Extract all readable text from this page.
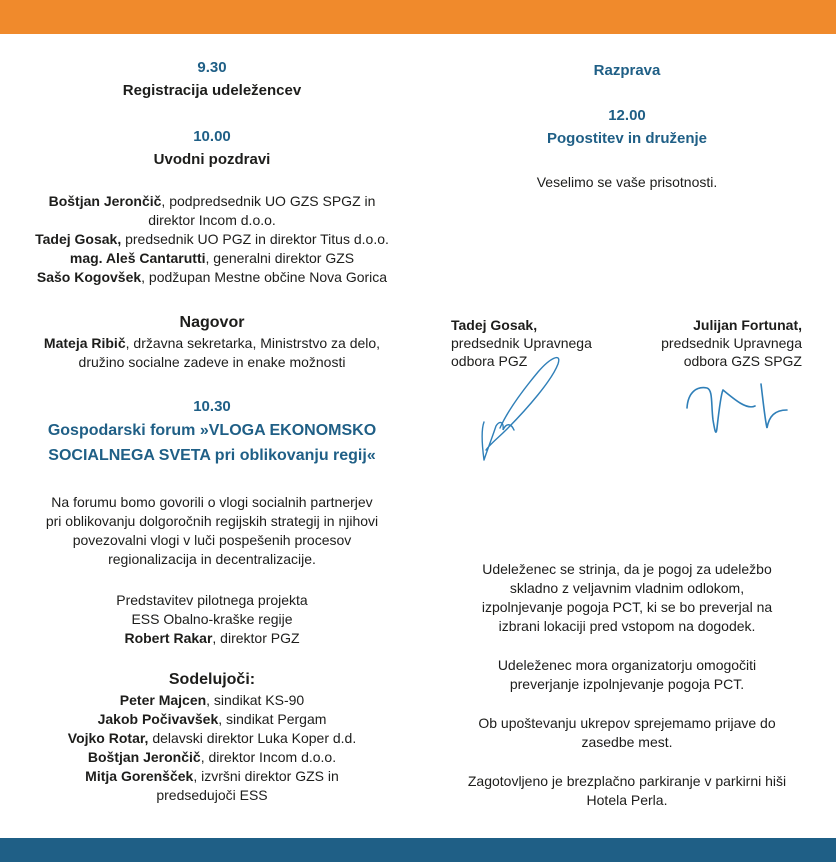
9.30
Registracija udeležencev
10.00
Uvodni pozdravi
Boštjan Jerončič, podpredsednik UO GZS SPGZ in
direktor Incom d.o.o.
Tadej Gosak, predsednik UO PGZ in direktor Titus d.o.o.
mag. Aleš Cantarutti, generalni direktor GZS
Sašo Kogovšek, podžupan Mestne občine Nova Gorica
Nagovor
Mateja Ribič, državna sekretarka, Ministrstvo za delo,
družino socialne zadeve in enake možnosti
10.30
Gospodarski forum »VLOGA EKONOMSKO
SOCIALNEGA SVETA pri oblikovanju regij«
Na forumu bomo govorili o vlogi socialnih partnerjev
pri oblikovanju dolgoročnih regijskih strategij in njihovi
povezovalni vlogi v luči pospešenih procesov
regionalizacija in decentralizacije.
Predstavitev pilotnega projekta
ESS Obalno-kraške regije
Robert Rakar, direktor PGZ
Sodelujoči:
Peter Majcen, sindikat KS-90
Jakob Počivavšek, sindikat Pergam
Vojko Rotar, delavski direktor Luka Koper d.d.
Boštjan Jerončič, direktor Incom d.o.o.
Mitja Gorenšček, izvršni direktor GZS in
predsedujoči ESS
Razprava
12.00
Pogostitev in druženje
Veselimo se vaše prisotnosti.
Tadej Gosak,
predsednik Upravnega
odbora PGZ
Julijan Fortunat,
predsednik Upravnega
odbora GZS SPGZ
Udeleženec se strinja, da je pogoj za udeležbo
skladno z veljavnim vladnim odlokom,
izpolnjevanje pogoja PCT, ki se bo preverjal na
izbrani lokaciji pred vstopom na dogodek.
Udeleženec mora organizatorju omogočiti
preverjanje izpolnjevanje pogoja PCT.
Ob upoštevanju ukrepov sprejemamo prijave do
zasedbe mest.
Zagotovljeno je brezplačno parkiranje v parkirni hiši
Hotela Perla.
